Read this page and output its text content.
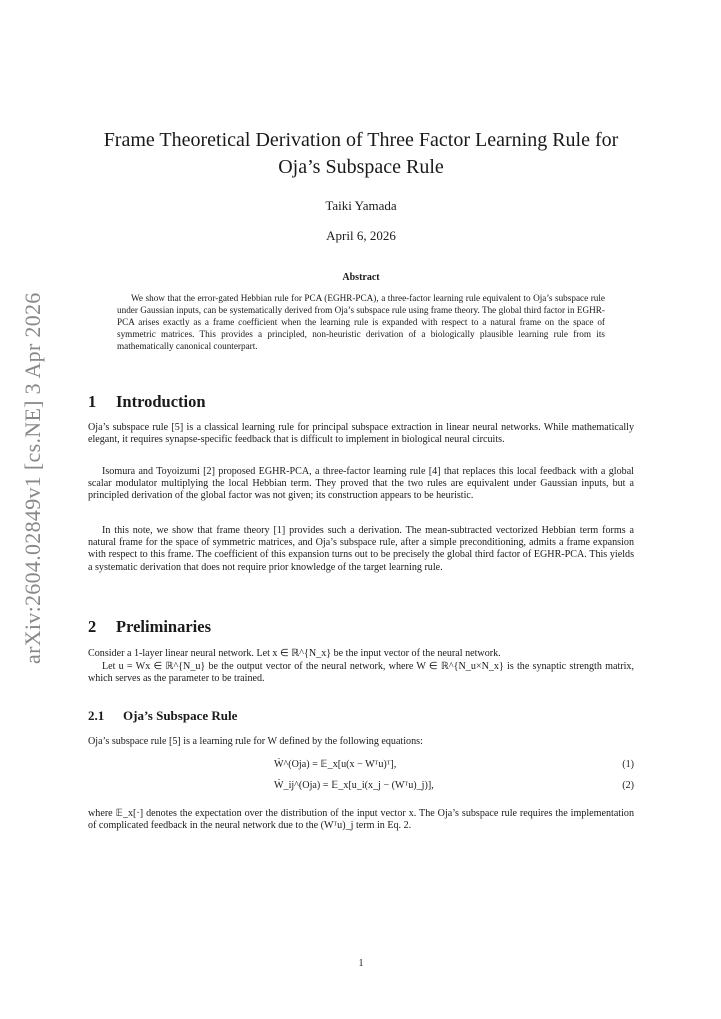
arXiv:2604.02849v1 [cs.NE] 3 Apr 2026
Frame Theoretical Derivation of Three Factor Learning Rule for Oja’s Subspace Rule
Taiki Yamada
April 6, 2026
Abstract

We show that the error-gated Hebbian rule for PCA (EGHR-PCA), a three-factor learning rule equivalent to Oja’s subspace rule under Gaussian inputs, can be systematically derived from Oja’s subspace rule using frame theory. The global third factor in EGHR-PCA arises exactly as a frame coefficient when the learning rule is expanded with respect to a natural frame on the space of symmetric matrices. This provides a principled, non-heuristic derivation of a biologically plausible learning rule from its mathematically canonical counterpart.

1 Introduction

Oja’s subspace rule [5] is a classical learning rule for principal subspace extraction in linear neural networks. While mathematically elegant, it requires synapse-specific feedback that is difficult to implement in biological neural circuits.

Isomura and Toyoizumi [2] proposed EGHR-PCA, a three-factor learning rule [4] that replaces this local feedback with a global scalar modulator multiplying the local Hebbian term. They proved that the two rules are equivalent under Gaussian inputs, but a principled derivation of the global factor was not given; its construction appears to be heuristic.

In this note, we show that frame theory [1] provides such a derivation. The mean-subtracted vectorized Hebbian term forms a natural frame for the space of symmetric matrices, and Oja’s subspace rule, after a simple preconditioning, admits a frame expansion with respect to this frame. The coefficient of this expansion turns out to be precisely the global third factor of EGHR-PCA. This yields a systematic derivation that does not require prior knowledge of the target learning rule.

2 Preliminaries

Consider a 1-layer linear neural network. Let x ∈ ℝ^{N_x} be the input vector of the neural network.

Let u = Wx ∈ ℝ^{N_u} be the output vector of the neural network, where W ∈ ℝ^{N_u×N_x} is the synaptic strength matrix, which serves as the parameter to be trained.

2.1 Oja’s Subspace Rule

Oja’s subspace rule [5] is a learning rule for W defined by the following equations:

Ẇ^(Oja) = 𝔼_x[u(x − Wᵀu)ᵀ],	(1)
Ẇ_ij^(Oja) = 𝔼_x[u_i(x_j − (Wᵀu)_j)],	(2)

where 𝔼_x[·] denotes the expectation over the distribution of the input vector x. The Oja’s subspace rule requires the implementation of complicated feedback in the neural network due to the (Wᵀu)_j term in Eq. 2.

1
